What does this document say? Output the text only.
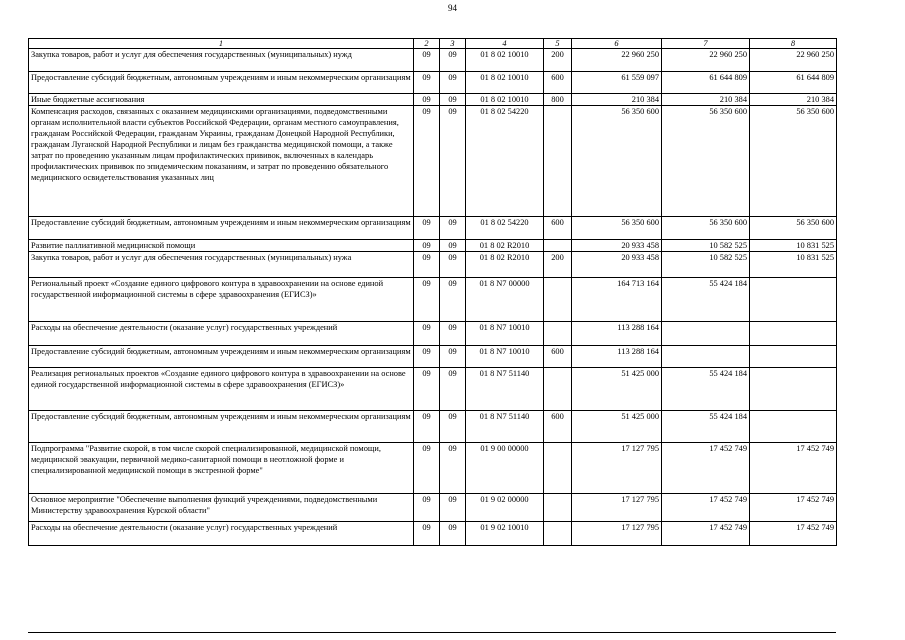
94
1	2	3	4	5	6	7	8
Закупка товаров, работ и услуг для обеспечения государственных (муниципальных) нужд	09	09	01 8 02 10010	200	22 960 250	22 960 250	22 960 250
Предоставление субсидий бюджетным, автономным учреждениям и иным некоммерческим организациям	09	09	01 8 02 10010	600	61 559 097	61 644 809	61 644 809
Иные бюджетные ассигнования	09	09	01 8 02 10010	800	210 384	210 384	210 384
Компенсация расходов, связанных с оказанием медицинскими организациями, подведомственными органам исполнительной власти субъектов Российской Федерации, органам местного самоуправления, гражданам Российской Федерации, гражданам Украины, гражданам Донецкой Народной Республики, гражданам Луганской Народной Республики и лицам без гражданства медицинской помощи, а также затрат по проведению указанным лицам профилактических прививок, включенных в календарь профилактических прививок по эпидемическим показаниям, и затрат по проведению обязательного медицинского освидетельствования указанных лиц	09	09	01 8 02 54220		56 350 600	56 350 600	56 350 600
Предоставление субсидий бюджетным, автономным учреждениям и иным некоммерческим организациям	09	09	01 8 02 54220	600	56 350 600	56 350 600	56 350 600
Развитие паллиативной медицинской помощи	09	09	01 8 02 R2010		20 933 458	10 582 525	10 831 525
Закупка товаров, работ и услуг для обеспечения государственных (муниципальных) нужа	09	09	01 8 02 R2010	200	20 933 458	10 582 525	10 831 525
Региональный проект «Создание единого цифрового контура в здравоохранении на основе единой государственной информационной системы в сфере здравоохранения (ЕГИСЗ)»	09	09	01 8 N7 00000		164 713 164	55 424 184	
Расходы на обеспечение деятельности (оказание услуг) государственных учреждений	09	09	01 8 N7 10010		113 288 164		
Предоставление субсидий бюджетным, автономным учреждениям и иным некоммерческим организациям	09	09	01 8 N7 10010	600	113 288 164		
Реализация региональных проектов «Создание единого цифрового контура в здравоохранении на основе единой государственной информационной системы в сфере здравоохранения (ЕГИСЗ)»	09	09	01 8 N7 51140		51 425 000	55 424 184	
Предоставление субсидий бюджетным, автономным учреждениям и иным некоммерческим организациям	09	09	01 8 N7 51140	600	51 425 000	55 424 184	
Подпрограмма "Развитие скорой, в том числе скорой специализированной, медицинской помощи, медицинской эвакуации, первичной медико-санитарной помощи в неотложной форме и специализированной медицинской помощи в экстренной форме"	09	09	01 9 00 00000		17 127 795	17 452 749	17 452 749
Основное мероприятие "Обеспечение выполнения функций учреждениями, подведомственными Министерству здравоохранения Курской области"	09	09	01 9 02 00000		17 127 795	17 452 749	17 452 749
Расходы на обеспечение деятельности (оказание услуг) государственных учреждений	09	09	01 9 02 10010		17 127 795	17 452 749	17 452 749
